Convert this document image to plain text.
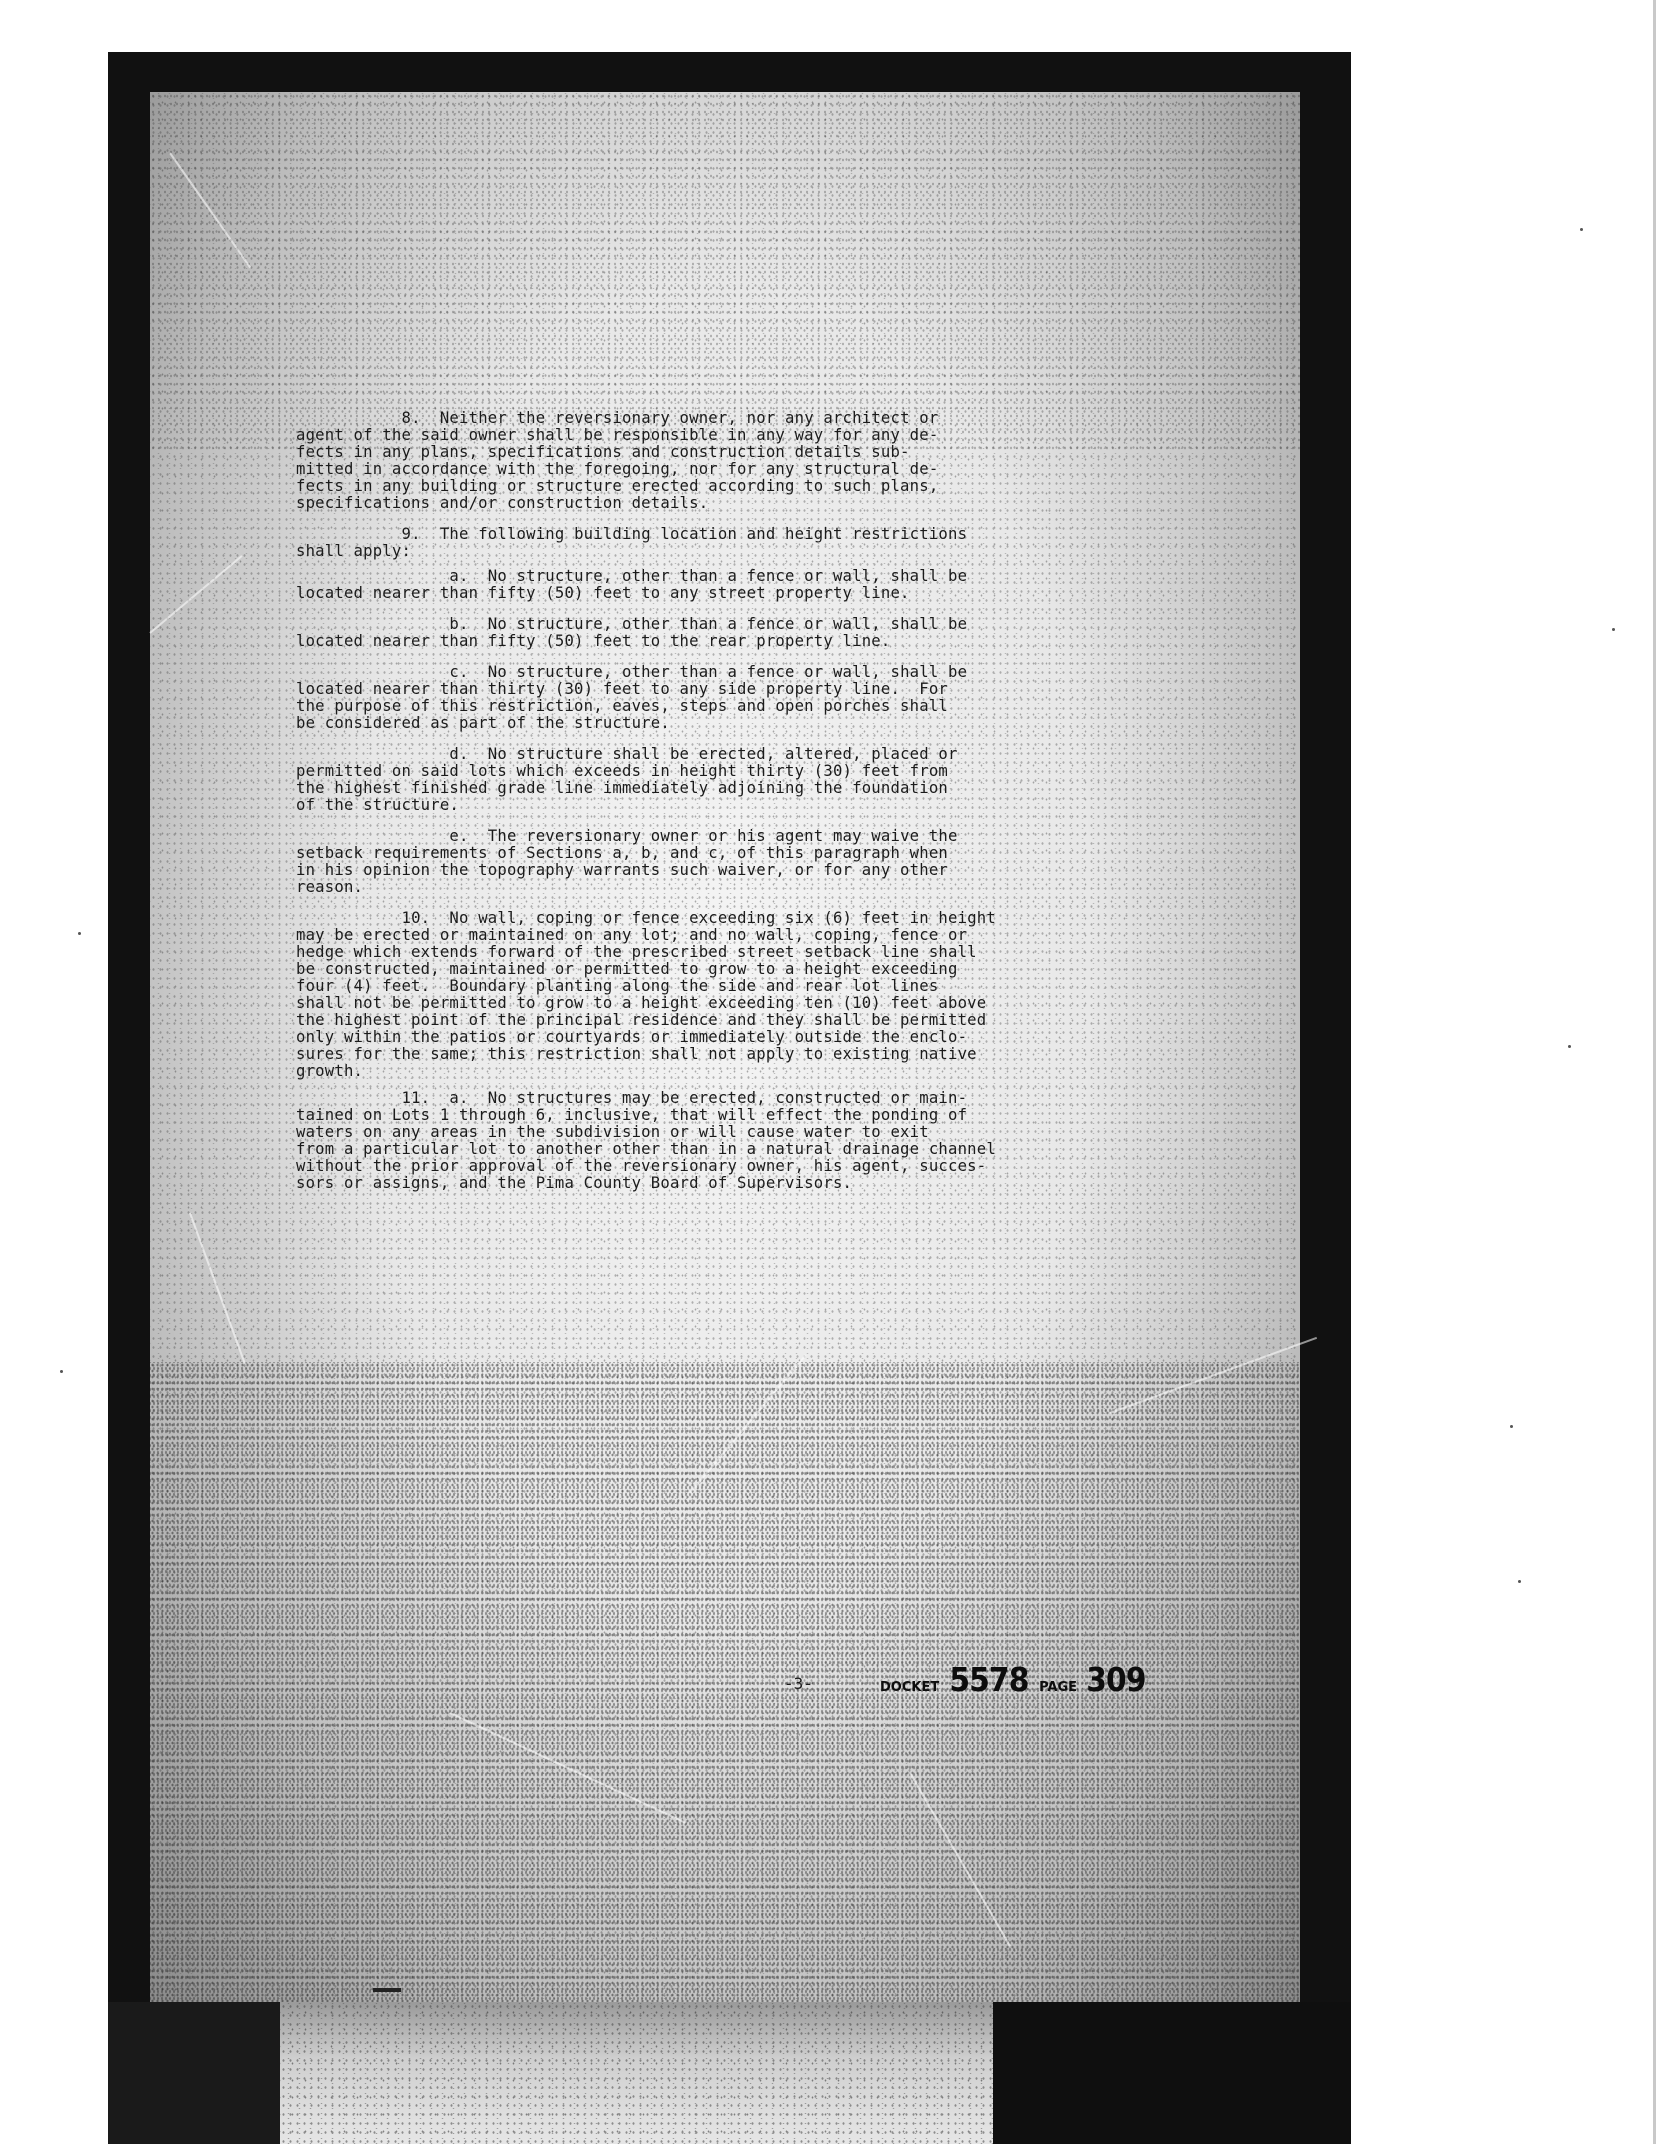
8.  Neither the reversionary owner, nor any architect or
agent of the said owner shall be responsible in any way for any de-
fects in any plans, specifications and construction details sub-
mitted in accordance with the foregoing, nor for any structural de-
fects in any building or structure erected according to such plans,
specifications and/or construction details.
9.  The following building location and height restrictions
shall apply:
a.  No structure, other than a fence or wall, shall be
located nearer than fifty (50) feet to any street property line.
b.  No structure, other than a fence or wall, shall be
located nearer than fifty (50) feet to the rear property line.
c.  No structure, other than a fence or wall, shall be
located nearer than thirty (30) feet to any side property line.  For
the purpose of this restriction, eaves, steps and open porches shall
be considered as part of the structure.
d.  No structure shall be erected, altered, placed or
permitted on said lots which exceeds in height thirty (30) feet from
the highest finished grade line immediately adjoining the foundation
of the structure.
e.  The reversionary owner or his agent may waive the
setback requirements of Sections a, b, and c, of this paragraph when
in his opinion the topography warrants such waiver, or for any other
reason.
10.  No wall, coping or fence exceeding six (6) feet in height
may be erected or maintained on any lot; and no wall, coping, fence or
hedge which extends forward of the prescribed street setback line shall
be constructed, maintained or permitted to grow to a height exceeding
four (4) feet.  Boundary planting along the side and rear lot lines
shall not be permitted to grow to a height exceeding ten (10) feet above
the highest point of the principal residence and they shall be permitted
only within the patios or courtyards or immediately outside the enclo-
sures for the same; this restriction shall not apply to existing native
growth.
11.  a.  No structures may be erected, constructed or main-
tained on Lots 1 through 6, inclusive, that will effect the ponding of
waters on any areas in the subdivision or will cause water to exit
from a particular lot to another other than in a natural drainage channel
without the prior approval of the reversionary owner, his agent, succes-
sors or assigns, and the Pima County Board of Supervisors.
-3-	DOCKET 5578 PAGE 309
